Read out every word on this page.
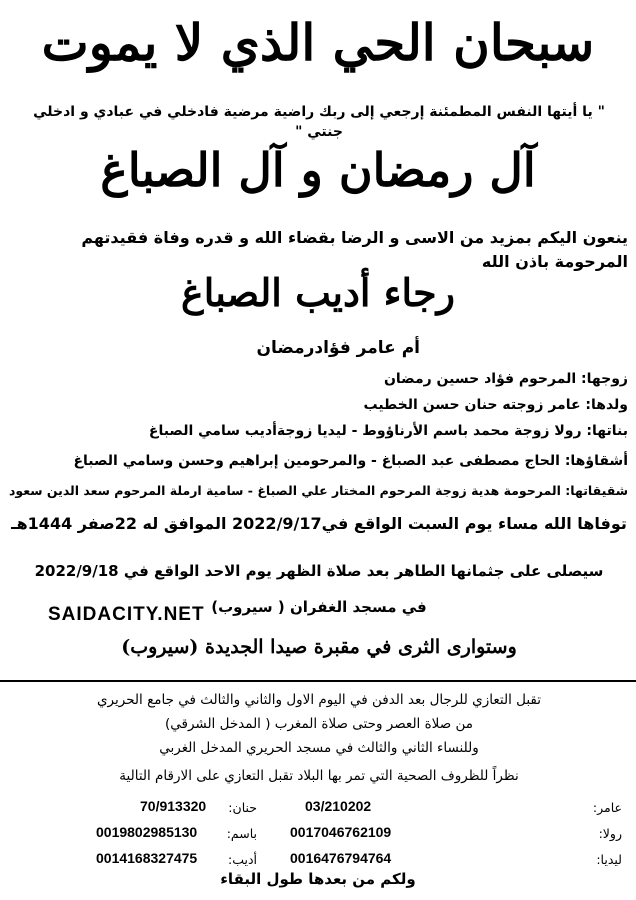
سبحان الحي الذي لا يموت
" يا أيتها النفس المطمئنة إرجعي إلى ربك راضية مرضية فادخلي في عبادي و ادخلي جنتي "
آل رمضان و آل الصباغ
ينعون اليكم بمزيد من الاسى و الرضا بقضاء الله و قدره وفاة فقيدتهم المرحومة باذن الله
رجاء أديب الصباغ
أم عامر فؤادرمضان
زوجها: المرحوم فؤاد حسين رمضان
ولدها: عامر زوجته حنان حسن الخطيب
بناتها: رولا زوجة محمد باسم الأرناؤوط - ليديا زوجةأديب سامي الصباغ
أشقاؤها: الحاج مصطفى عبد الصباغ - والمرحومين إبراهيم وحسن وسامي الصباغ
شقيقاتها: المرحومة هدية زوجة المرحوم المختار علي الصباغ - سامية ارملة المرحوم سعد الدين سعود
توفاها الله مساء يوم السبت الواقع في2022/9/17 الموافق له 22صفر 1444هـ
سيصلى على جثمانها الطاهر بعد صلاة الظهر يوم الاحد الواقع في 2022/9/18
في مسجد الغفران ( سيروب)
SAIDACITY.NET
وستوارى الثرى في مقبرة صيدا الجديدة (سيروب)
تقبل التعازي للرجال بعد الدفن في اليوم الاول والثاني والثالث في جامع الحريري
من صلاة العصر وحتى صلاة المغرب ( المدخل الشرقي)
وللنساء الثاني والثالث في مسجد الحريري المدخل الغربي
نظراً للظروف الصحية التي تمر بها البلاد تقبل التعازي على الارقام التالية
عامر:
03/210202
رولا:
0017046762109
ليديا:
0016476794764
حنان:
70/913320
باسم:
0019802985130
أديب:
0014168327475
ولكم من بعدها طول البقاء
